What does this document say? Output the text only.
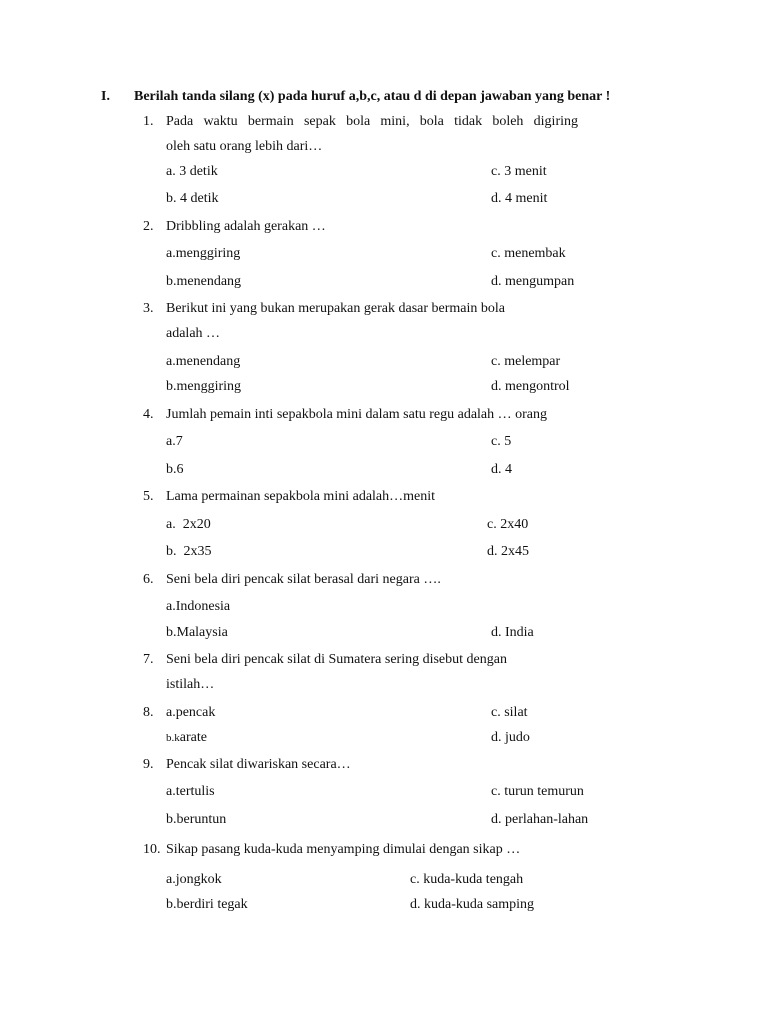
I. Berilah tanda silang (x) pada huruf a,b,c, atau d di depan jawaban yang benar !
1. Pada waktu bermain sepak bola mini, bola tidak boleh digiring
oleh satu orang lebih dari…
a. 3 detik	c. 3 menit
b. 4 detik	d. 4 menit
2. Dribbling adalah gerakan …
a.menggiring	c. menembak
b.menendang	d. mengumpan
3. Berikut ini yang bukan merupakan gerak dasar bermain bola
adalah …
a.menendang	c. melempar
b.menggiring	d. mengontrol
4. Jumlah pemain inti sepakbola mini dalam satu regu adalah … orang
a.7	c. 5
b.6	d. 4
5. Lama permainan sepakbola mini adalah…menit
a.  2x20	c. 2x40
b.  2x35	d. 2x45
6. Seni bela diri pencak silat berasal dari negara ….
a.Indonesia
b.Malaysia	d. India
7. Seni bela diri pencak silat di Sumatera sering disebut dengan
istilah…
8. a.pencak	c. silat
b.karate	d. judo
9. Pencak silat diwariskan secara…
a.tertulis	c. turun temurun
b.beruntun	d. perlahan-lahan
10. Sikap pasang kuda-kuda menyamping dimulai dengan sikap …
a.jongkok	c. kuda-kuda tengah
b.berdiri tegak	d. kuda-kuda samping
